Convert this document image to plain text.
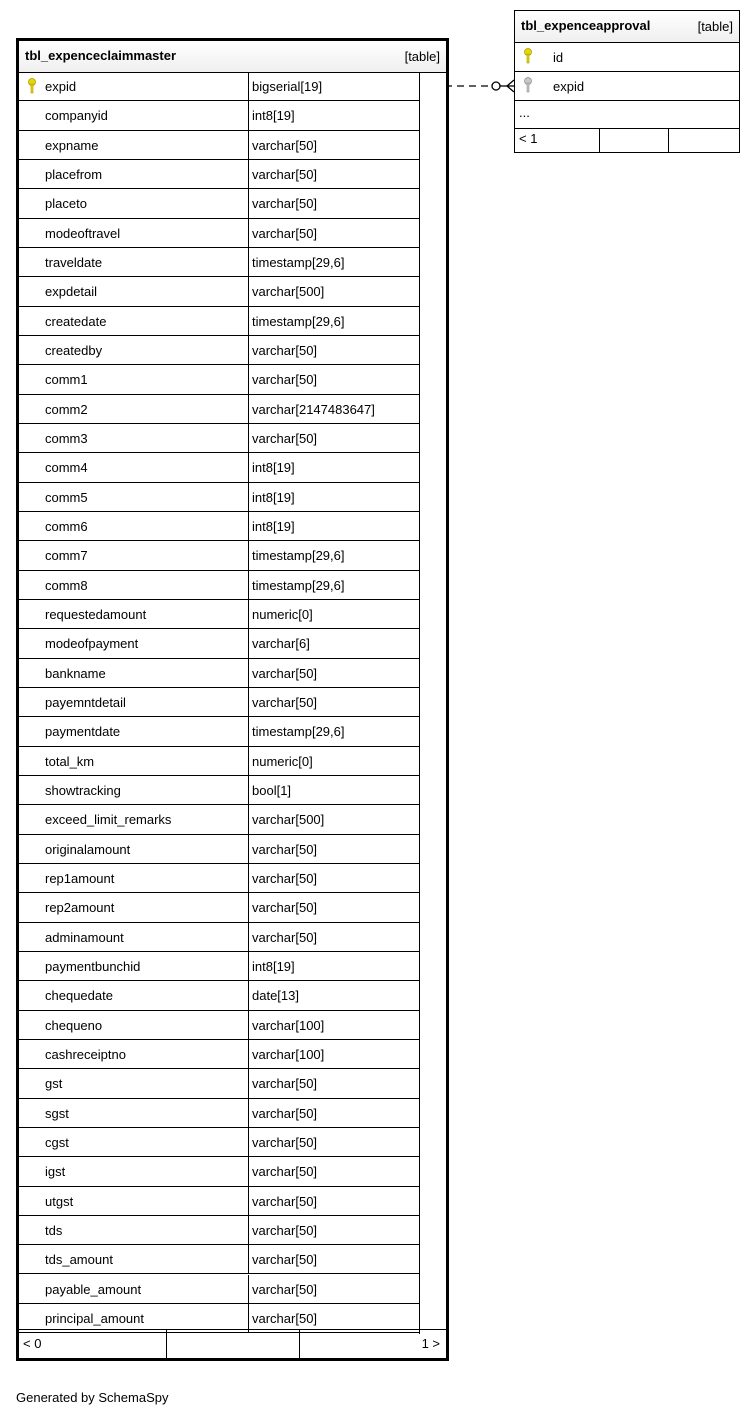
tbl_expenceclaimmaster	[table]
expid	bigserial[19]
companyid	int8[19]
expname	varchar[50]
placefrom	varchar[50]
placeto	varchar[50]
modeoftravel	varchar[50]
traveldate	timestamp[29,6]
expdetail	varchar[500]
createdate	timestamp[29,6]
createdby	varchar[50]
comm1	varchar[50]
comm2	varchar[2147483647]
comm3	varchar[50]
comm4	int8[19]
comm5	int8[19]
comm6	int8[19]
comm7	timestamp[29,6]
comm8	timestamp[29,6]
requestedamount	numeric[0]
modeofpayment	varchar[6]
bankname	varchar[50]
payemntdetail	varchar[50]
paymentdate	timestamp[29,6]
total_km	numeric[0]
showtracking	bool[1]
exceed_limit_remarks	varchar[500]
originalamount	varchar[50]
rep1amount	varchar[50]
rep2amount	varchar[50]
adminamount	varchar[50]
paymentbunchid	int8[19]
chequedate	date[13]
chequeno	varchar[100]
cashreceiptno	varchar[100]
gst	varchar[50]
sgst	varchar[50]
cgst	varchar[50]
igst	varchar[50]
utgst	varchar[50]
tds	varchar[50]
tds_amount	varchar[50]
payable_amount	varchar[50]
principal_amount	varchar[50]
< 0	1 >
tbl_expenceapproval	[table]
id
expid
...
< 1
Generated by SchemaSpy
